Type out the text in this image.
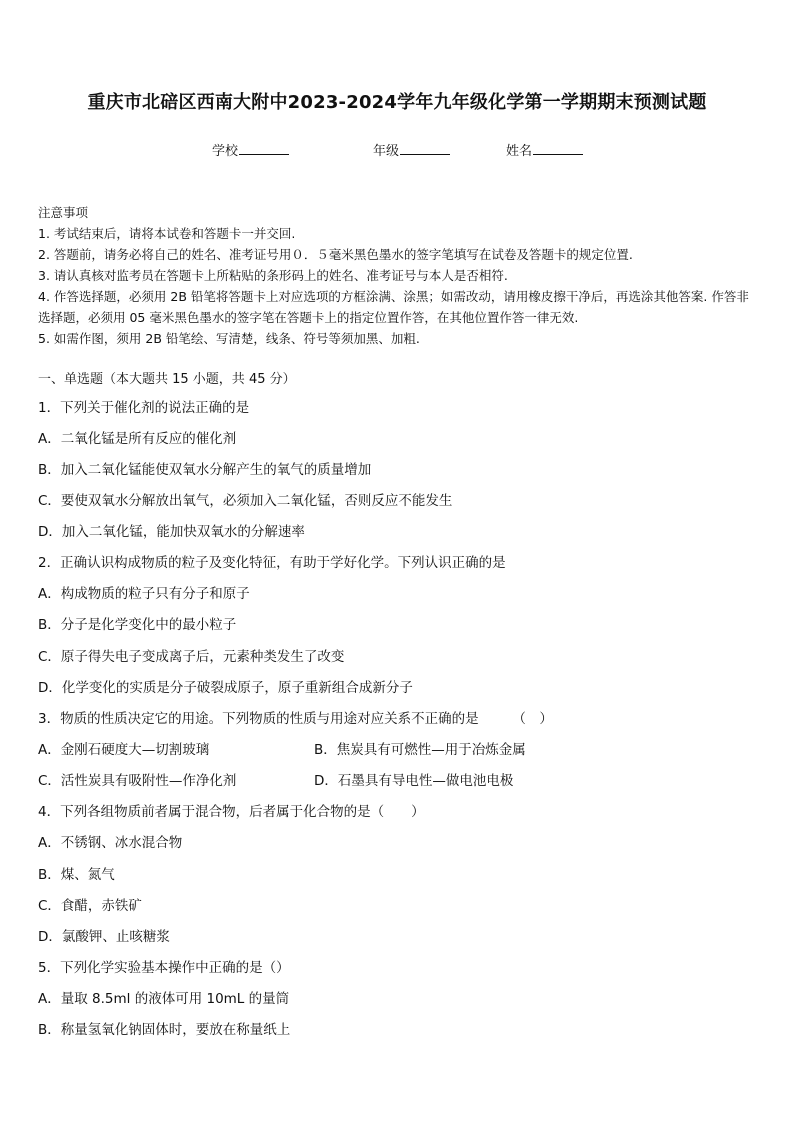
重庆市北碚区西南大附中2023-2024学年九年级化学第一学期期末预测试题
学校	年级	姓名
注意事项
1. 考试结束后，请将本试卷和答题卡一并交回.
2. 答题前，请务必将自己的姓名、准考证号用０．５毫米黑色墨水的签字笔填写在试卷及答题卡的规定位置.
3. 请认真核对监考员在答题卡上所粘贴的条形码上的姓名、准考证号与本人是否相符.
4. 作答选择题，必须用 2B 铅笔将答题卡上对应选项的方框涂满、涂黑；如需改动，请用橡皮擦干净后，再选涂其他答案. 作答非选择题，必须用 05 毫米黑色墨水的签字笔在答题卡上的指定位置作答，在其他位置作答一律无效.
5. 如需作图，须用 2B 铅笔绘、写清楚，线条、符号等须加黑、加粗.
一、单选题（本大题共 15 小题，共 45 分）
1．下列关于催化剂的说法正确的是
A．二氧化锰是所有反应的催化剂
B．加入二氧化锰能使双氧水分解产生的氧气的质量增加
C．要使双氧水分解放出氧气，必须加入二氧化锰，否则反应不能发生
D．加入二氧化锰，能加快双氧水的分解速率
2．正确认识构成物质的粒子及变化特征，有助于学好化学。下列认识正确的是
A．构成物质的粒子只有分子和原子
B．分子是化学变化中的最小粒子
C．原子得失电子变成离子后，元素种类发生了改变
D．化学变化的实质是分子破裂成原子，原子重新组合成新分子
3．物质的性质决定它的用途。下列物质的性质与用途对应关系不正确的是　　　（　）
A．金刚石硬度大—切割玻璃	B．焦炭具有可燃性—用于冶炼金属
C．活性炭具有吸附性—作净化剂	D．石墨具有导电性—做电池电极
4．下列各组物质前者属于混合物，后者属于化合物的是（　　）
A．不锈钢、冰水混合物
B．煤、氮气
C．食醋，赤铁矿
D．氯酸钾、止咳糖浆
5．下列化学实验基本操作中正确的是（）
A．量取 8.5ml 的液体可用 10mL 的量筒
B．称量氢氧化钠固体时，要放在称量纸上
